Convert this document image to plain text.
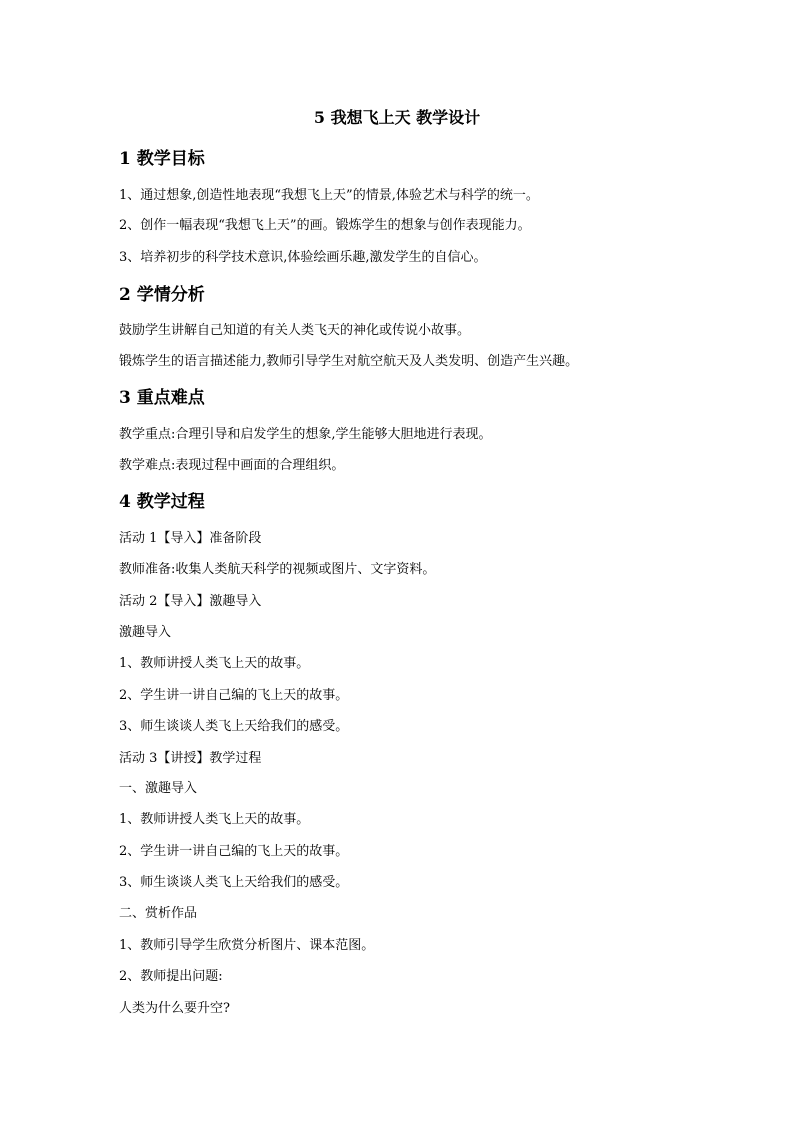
5 我想飞上天 教学设计
1 教学目标
1、通过想象,创造性地表现“我想飞上天”的情景,体验艺术与科学的统一。
2、创作一幅表现“我想飞上天”的画。锻炼学生的想象与创作表现能力。
3、培养初步的科学技术意识,体验绘画乐趣,激发学生的自信心。
2 学情分析
鼓励学生讲解自己知道的有关人类飞天的神化或传说小故事。
锻炼学生的语言描述能力,教师引导学生对航空航天及人类发明、创造产生兴趣。
3 重点难点
教学重点:合理引导和启发学生的想象,学生能够大胆地进行表现。
教学难点:表现过程中画面的合理组织。
4 教学过程
活动 1【导入】准备阶段
教师准备:收集人类航天科学的视频或图片、文字资料。
活动 2【导入】激趣导入
激趣导入
1、教师讲授人类飞上天的故事。
2、学生讲一讲自己编的飞上天的故事。
3、师生谈谈人类飞上天给我们的感受。
活动 3【讲授】教学过程
一、激趣导入
1、教师讲授人类飞上天的故事。
2、学生讲一讲自己编的飞上天的故事。
3、师生谈谈人类飞上天给我们的感受。
二、赏析作品
1、教师引导学生欣赏分析图片、课本范图。
2、教师提出问题:
人类为什么要升空?
